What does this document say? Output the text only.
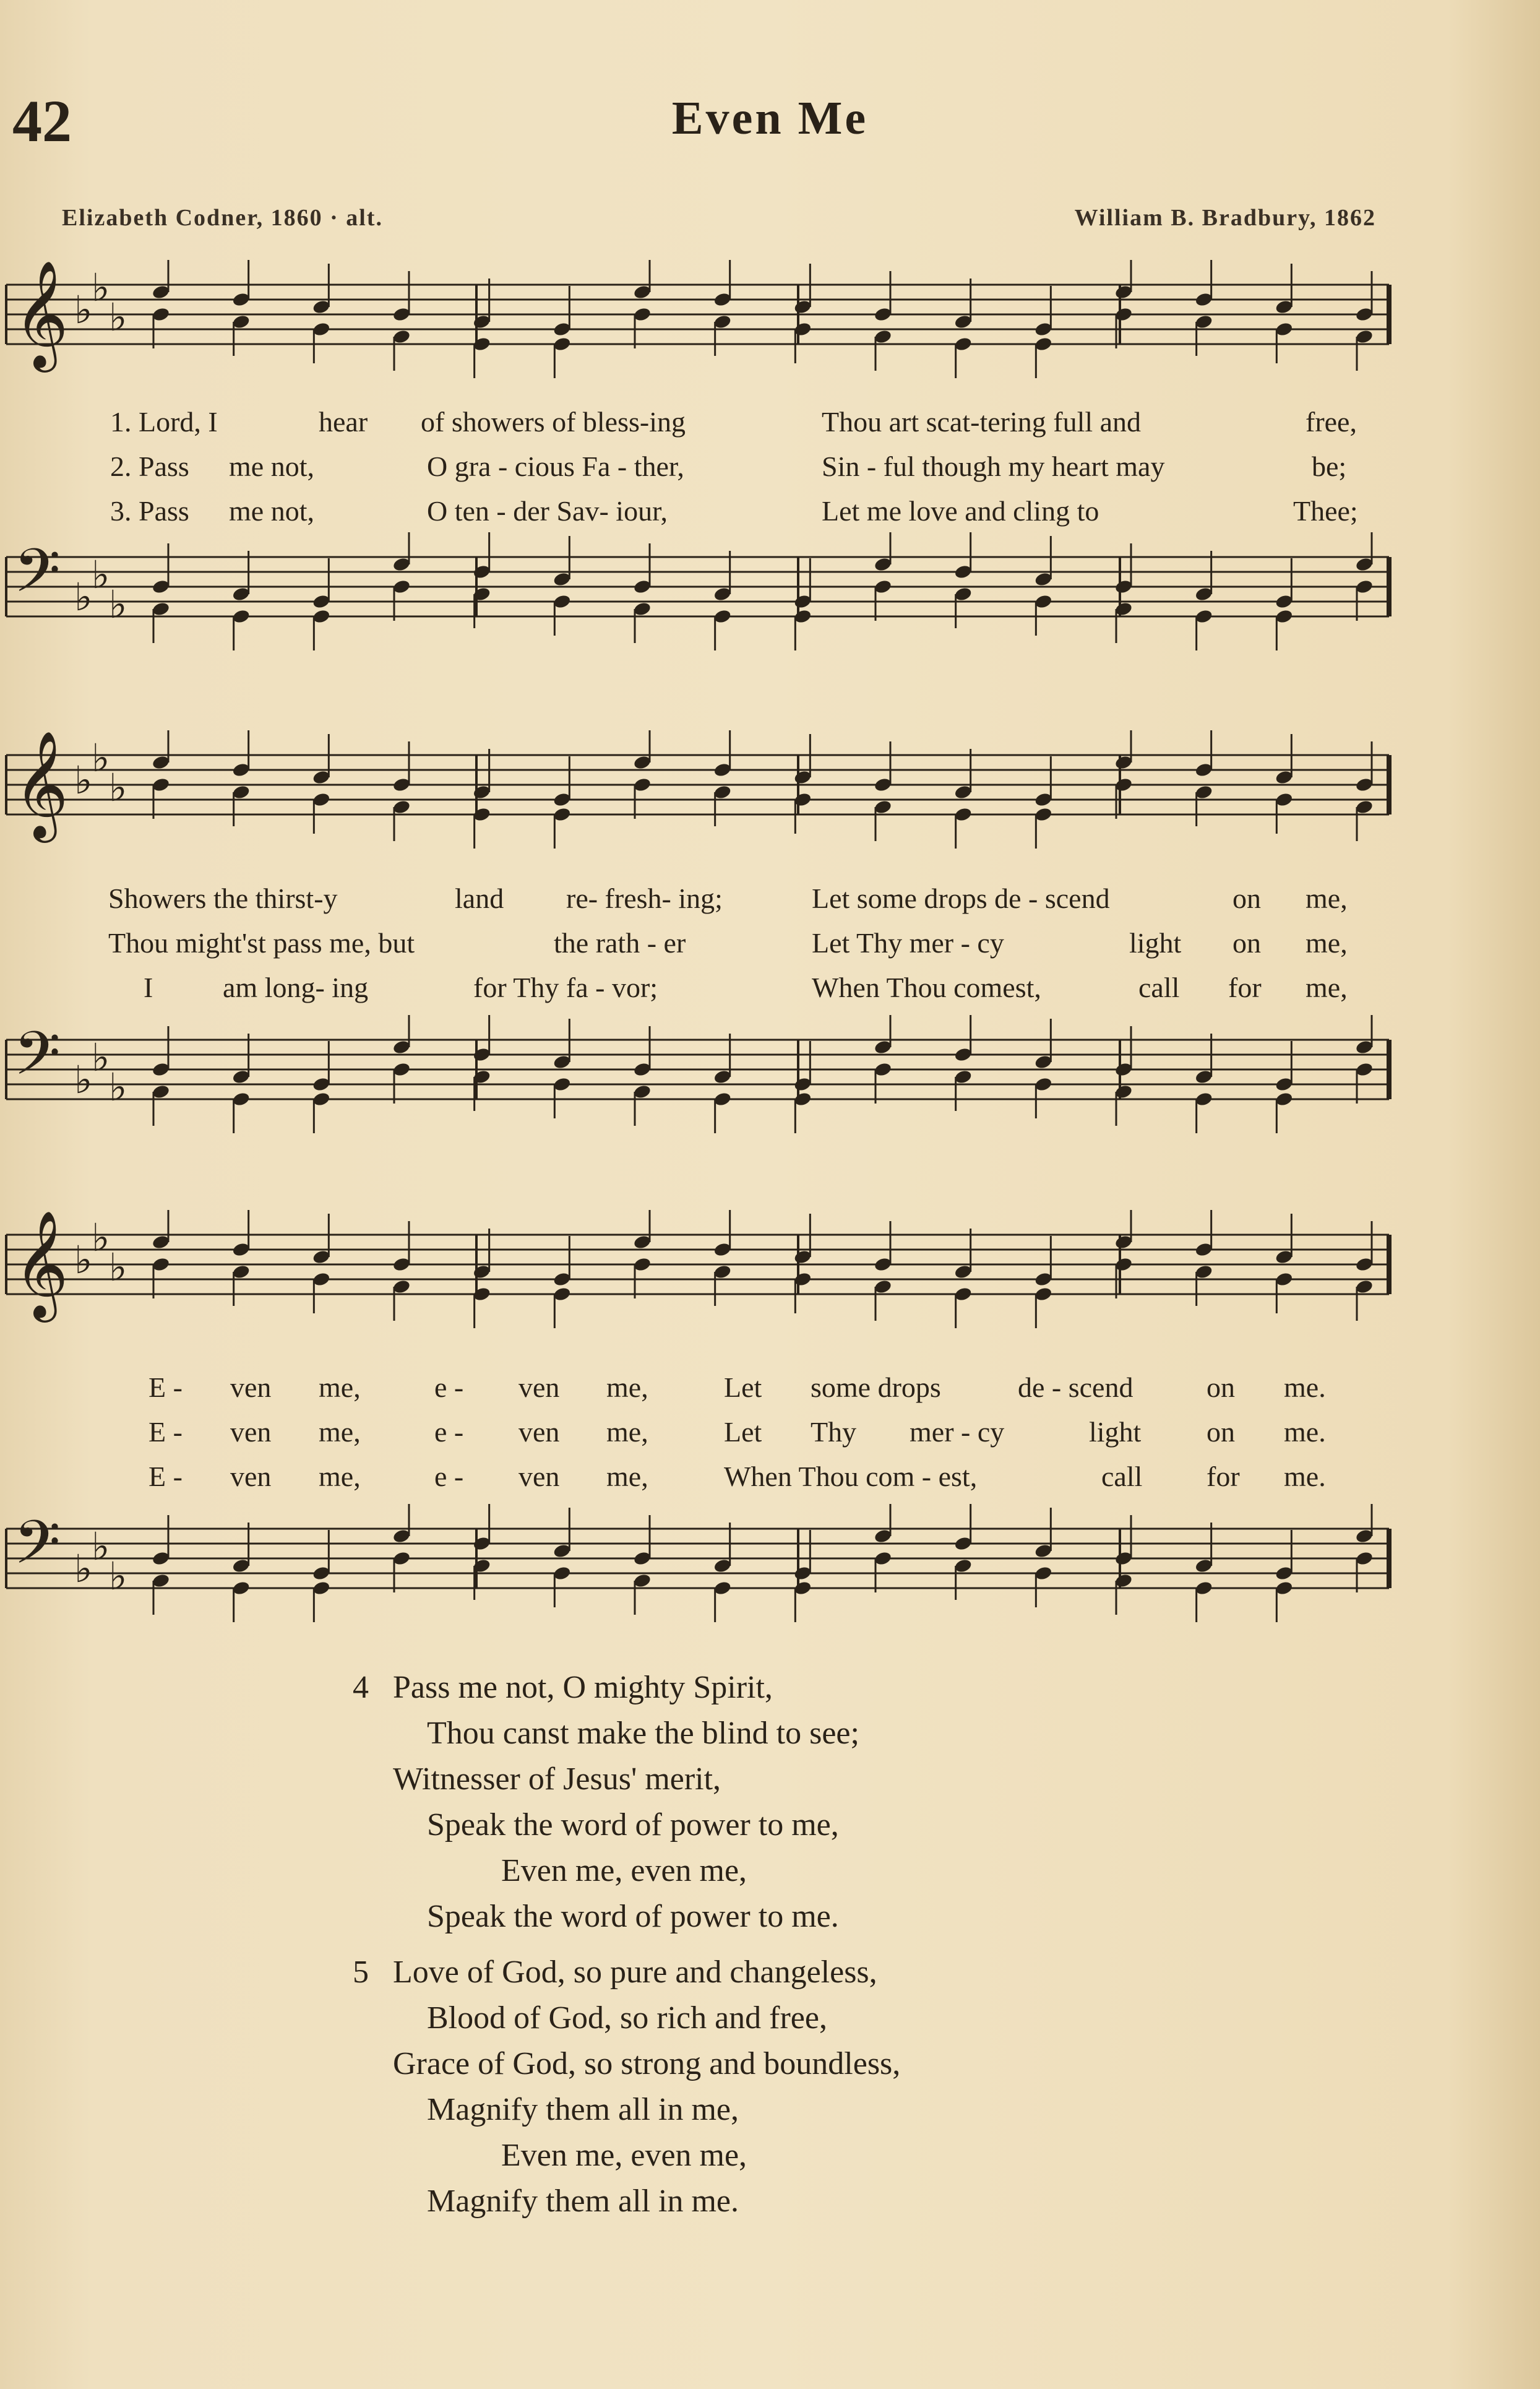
42	Even Me
Elizabeth Codner, 1860 · alt.	William B. Bradbury, 1862
𝄞 ♭
♭
♭
1. Lord, I	hear of showers of bless-ing	Thou art scat-tering full and	free,
2. Pass me not,	O gra - cious Fa - ther,	Sin - ful though my heart may	be;
3. Pass me not,	O ten - der Sav- iour,	Let me love and cling to	Thee;
𝄢 ♭
♭
♭
𝄞 ♭
♭
♭
Showers the thirst-y	land re- fresh- ing;	Let some drops de - scend	on me,
Thou might'st pass me, but	the rath - er	Let Thy mer - cy	light on me,
I am long- ing	for Thy fa - vor;	When Thou comest,	call for me,
𝄢 ♭
♭
♭
𝄞 ♭
♭
♭
E - ven me,	e - ven me,	Let some drops	de - scend	on me.
E - ven me,	e - ven me,	Let Thy mer - cy	light on me.
E - ven me,	e - ven me,	When Thou com - est,	call for me.
𝄢 ♭
♭
♭
4 Pass me not, O mighty Spirit,
Thou canst make the blind to see;
Witnesser of Jesus' merit,
Speak the word of power to me,
Even me, even me,
Speak the word of power to me.
5 Love of God, so pure and changeless,
Blood of God, so rich and free,
Grace of God, so strong and boundless,
Magnify them all in me,
Even me, even me,
Magnify them all in me.
